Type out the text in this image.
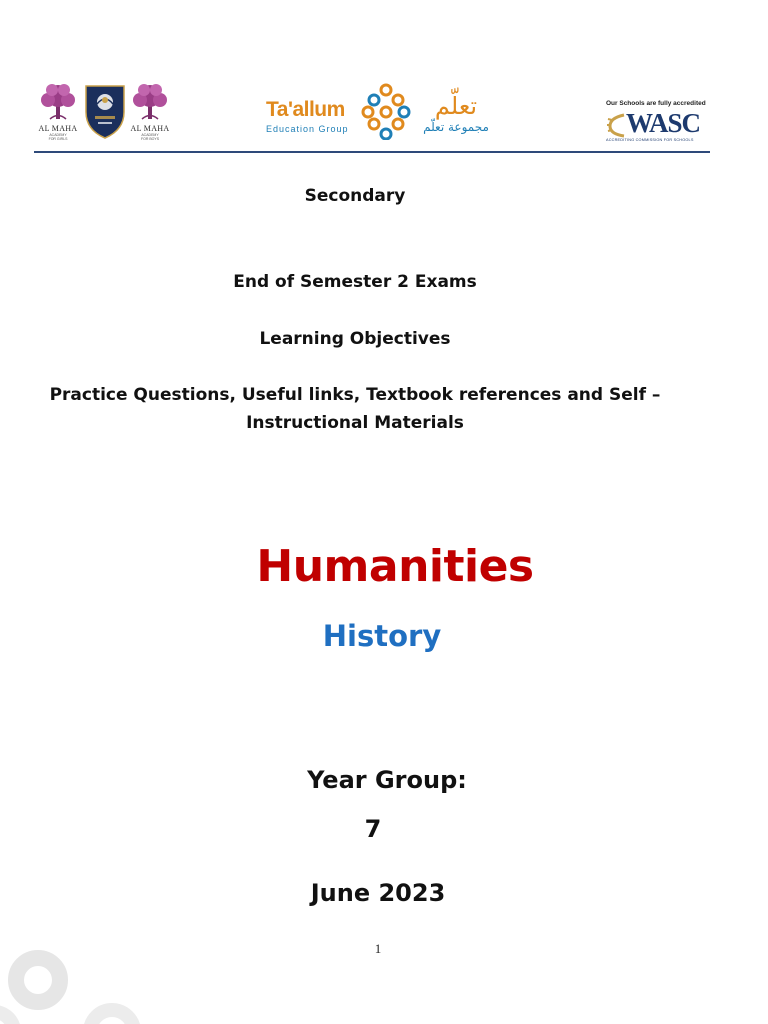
AL MAHA
ACADEMY
FOR GIRLS
AL MAHA
ACADEMY
FOR BOYS
Ta'allum
Education Group
تعلّم
مجموعة تعلّم
Our Schools are fully accredited
WASC
ACCREDITING COMMISSION FOR SCHOOLS
Secondary
End of Semester 2 Exams
Learning Objectives
Practice Questions, Useful links, Textbook references and Self –
Instructional Materials
Humanities
History
Year Group:
7
June 2023
1
